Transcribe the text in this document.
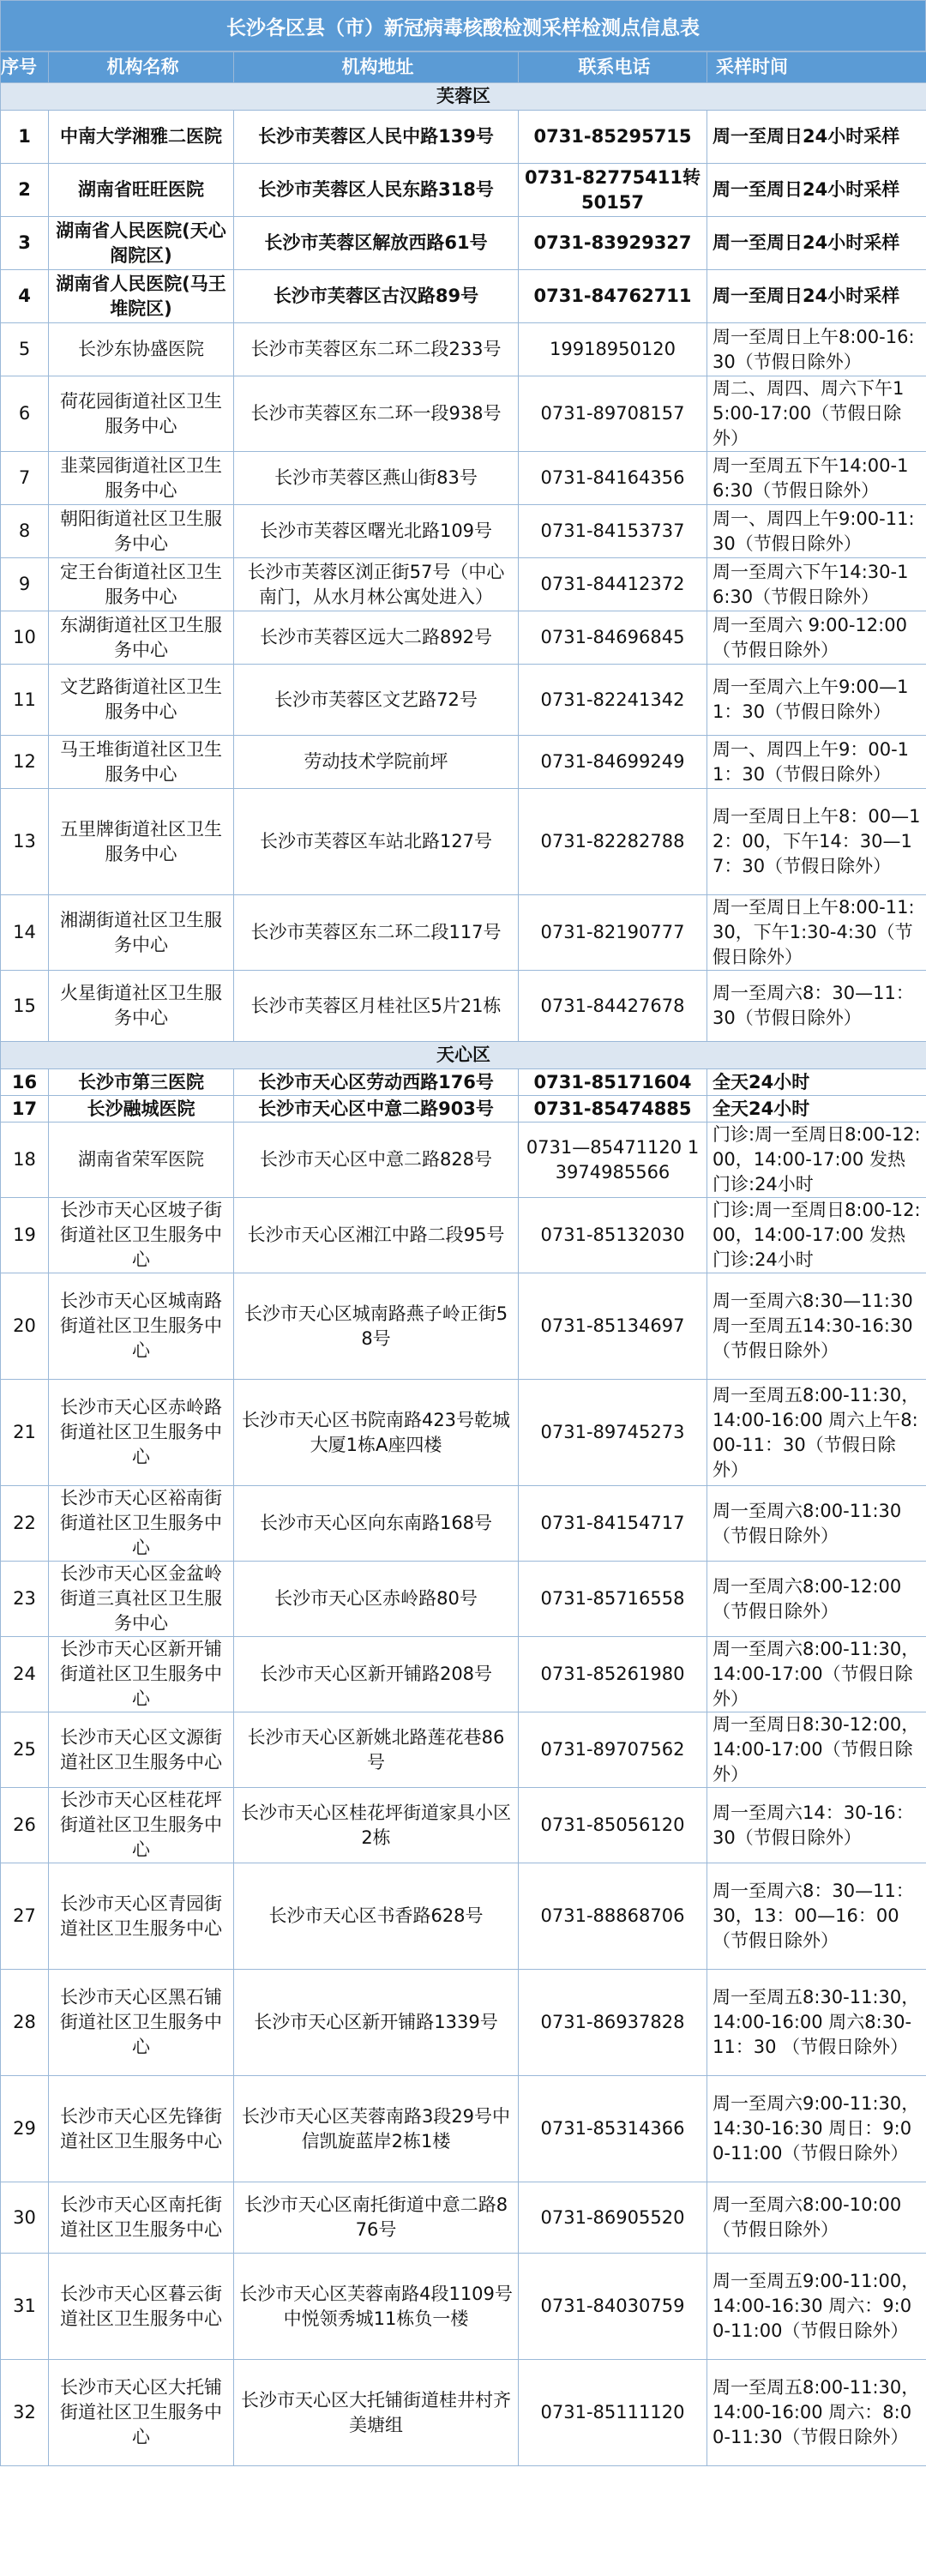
长沙各区县（市）新冠病毒核酸检测采样检测点信息表
序号	机构名称	机构地址	联系电话	采样时间
芙蓉区				
1	中南大学湘雅二医院	长沙市芙蓉区人民中路139号	0731-85295715	周一至周日24小时采样
2	湖南省旺旺医院	长沙市芙蓉区人民东路318号	0731-82775411转50157	周一至周日24小时采样
3	湖南省人民医院(天心阁院区)	长沙市芙蓉区解放西路61号	0731-83929327	周一至周日24小时采样
4	湖南省人民医院(马王堆院区)	长沙市芙蓉区古汉路89号	0731-84762711	周一至周日24小时采样
5	长沙东协盛医院	长沙市芙蓉区东二环二段233号	19918950120	周一至周日上午8:00-16:30（节假日除外）
6	荷花园街道社区卫生服务中心	长沙市芙蓉区东二环一段938号	0731-89708157	周二、周四、周六下午15:00-17:00（节假日除外）
7	韭菜园街道社区卫生服务中心	长沙市芙蓉区燕山街83号	0731-84164356	周一至周五下午14:00-16:30（节假日除外）
8	朝阳街道社区卫生服务中心	长沙市芙蓉区曙光北路109号	0731-84153737	周一、周四上午9:00-11:30（节假日除外）
9	定王台街道社区卫生服务中心	长沙市芙蓉区浏正街57号（中心南门，从水月林公寓处进入）	0731-84412372	周一至周六下午14:30-16:30（节假日除外）
10	东湖街道社区卫生服务中心	长沙市芙蓉区远大二路892号	0731-84696845	周一至周六 9:00-12:00（节假日除外）
11	文艺路街道社区卫生服务中心	长沙市芙蓉区文艺路72号	0731-82241342	周一至周六上午9:00—11：30（节假日除外）
12	马王堆街道社区卫生服务中心	劳动技术学院前坪	0731-84699249	周一、周四上午9：00-11：30（节假日除外）
13	五里牌街道社区卫生服务中心	长沙市芙蓉区车站北路127号	0731-82282788	周一至周日上午8：00—12：00，下午14：30—17：30（节假日除外）
14	湘湖街道社区卫生服务中心	长沙市芙蓉区东二环二段117号	0731-82190777	周一至周日上午8:00-11:30，下午1:30-4:30（节假日除外）
15	火星街道社区卫生服务中心	长沙市芙蓉区月桂社区5片21栋	0731-84427678	周一至周六8：30—11：30（节假日除外）
天心区				
16	长沙市第三医院	长沙市天心区劳动西路176号	0731-85171604	全天24小时
17	长沙融城医院	长沙市天心区中意二路903号	0731-85474885	全天24小时
18	湖南省荣军医院	长沙市天心区中意二路828号	0731—85471120 13974985566	门诊:周一至周日8:00-12:00，14:00-17:00 发热门诊:24小时
19	长沙市天心区坡子街街道社区卫生服务中心	长沙市天心区湘江中路二段95号	0731-85132030	门诊:周一至周日8:00-12:00，14:00-17:00 发热门诊:24小时
20	长沙市天心区城南路街道社区卫生服务中心	长沙市天心区城南路燕子岭正街58号	0731-85134697	周一至周六8:30—11:30 周一至周五14:30-16:30（节假日除外）
21	长沙市天心区赤岭路街道社区卫生服务中心	长沙市天心区书院南路423号乾城大厦1栋A座四楼	0731-89745273	周一至周五8:00-11:30，14:00-16:00 周六上午8:00-11：30（节假日除外）
22	长沙市天心区裕南街街道社区卫生服务中心	长沙市天心区向东南路168号	0731-84154717	周一至周六8:00-11:30（节假日除外）
23	长沙市天心区金盆岭街道三真社区卫生服务中心	长沙市天心区赤岭路80号	0731-85716558	周一至周六8:00-12:00（节假日除外）
24	长沙市天心区新开铺街道社区卫生服务中心	长沙市天心区新开铺路208号	0731-85261980	周一至周六8:00-11:30，14:00-17:00（节假日除外）
25	长沙市天心区文源街道社区卫生服务中心	长沙市天心区新姚北路莲花巷86号	0731-89707562	周一至周日8:30-12:00，14:00-17:00（节假日除外）
26	长沙市天心区桂花坪街道社区卫生服务中心	长沙市天心区桂花坪街道家具小区2栋	0731-85056120	周一至周六14：30-16：30（节假日除外）
27	长沙市天心区青园街道社区卫生服务中心	长沙市天心区书香路628号	0731-88868706	周一至周六8：30—11：30，13：00—16：00（节假日除外）
28	长沙市天心区黑石铺街道社区卫生服务中心	长沙市天心区新开铺路1339号	0731-86937828	周一至周五8:30-11:30，14:00-16:00 周六8:30-11：30 （节假日除外）
29	长沙市天心区先锋街道社区卫生服务中心	长沙市天心区芙蓉南路3段29号中信凯旋蓝岸2栋1楼	0731-85314366	周一至周六9:00-11:30，14:30-16:30 周日：9:00-11:00（节假日除外）
30	长沙市天心区南托街道社区卫生服务中心	长沙市天心区南托街道中意二路876号	0731-86905520	周一至周六8:00-10:00（节假日除外）
31	长沙市天心区暮云街道社区卫生服务中心	长沙市天心区芙蓉南路4段1109号 中悦领秀城11栋负一楼	0731-84030759	周一至周五9:00-11:00，14:00-16:30 周六：9:00-11:00（节假日除外）
32	长沙市天心区大托铺街道社区卫生服务中心	长沙市天心区大托铺街道桂井村齐美塘组	0731-85111120	周一至周五8:00-11:30，14:00-16:00 周六：8:00-11:30（节假日除外）
